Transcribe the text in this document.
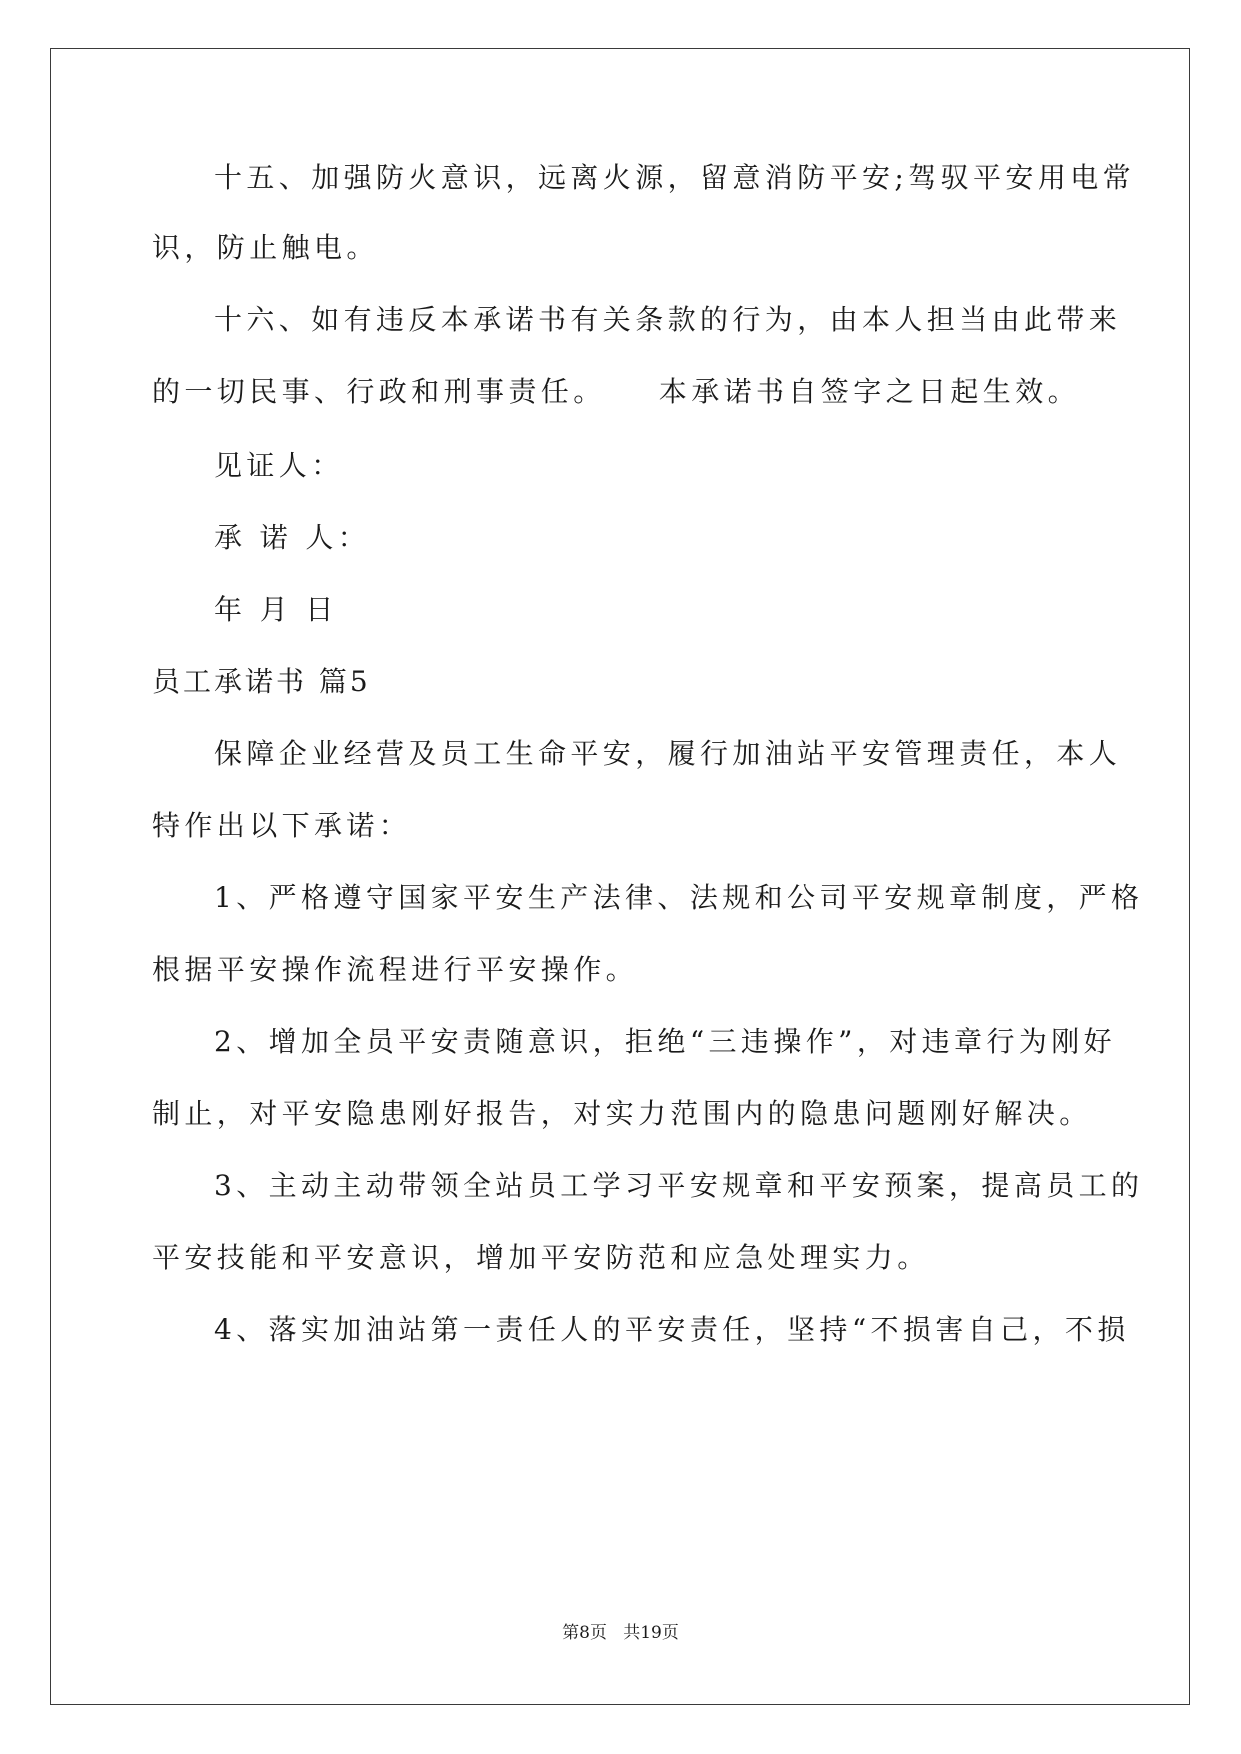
十五、加强防火意识，远离火源，留意消防平安;驾驭平安用电常
识，防止触电。
十六、如有违反本承诺书有关条款的行为，由本人担当由此带来
的一切民事、行政和刑事责任。    本承诺书自签字之日起生效。
见证人：
承 诺 人：
年 月 日
员工承诺书 篇5
保障企业经营及员工生命平安，履行加油站平安管理责任，本人
特作出以下承诺：
1、严格遵守国家平安生产法律、法规和公司平安规章制度，严格
根据平安操作流程进行平安操作。
2、增加全员平安责随意识，拒绝“三违操作”，对违章行为刚好
制止，对平安隐患刚好报告，对实力范围内的隐患问题刚好解决。
3、主动主动带领全站员工学习平安规章和平安预案，提高员工的
平安技能和平安意识，增加平安防范和应急处理实力。
4、落实加油站第一责任人的平安责任，坚持“不损害自己，不损
第8页 共19页
